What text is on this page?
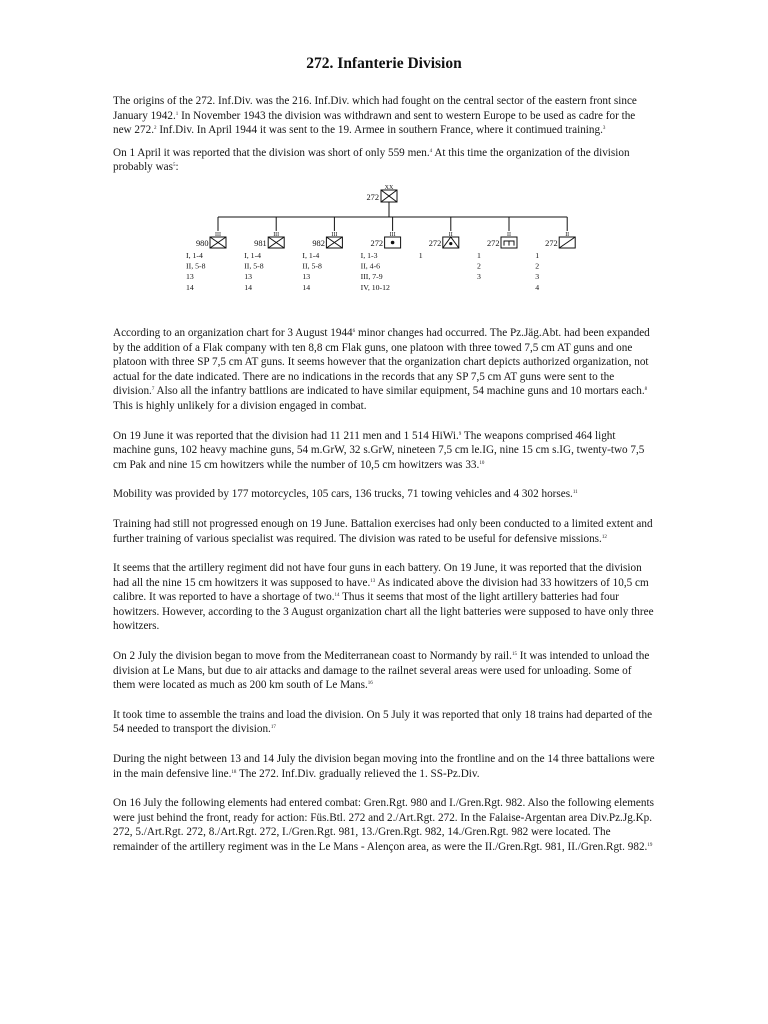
272. Infanterie Division

The origins of the 272. Inf.Div. was the 216. Inf.Div. which had fought on the central sector of the eastern front since January 1942.$^1$ In November 1943 the division was withdrawn and sent to western Europe to be used as cadre for the new 272.$^2$ Inf.Div. In April 1944 it was sent to the 19. Armee in southern France, where it contimued training.$^3$

On 1 April it was reported that the division was short of only 559 men.$^4$ At this time the organization of the division probably was$^5$:

XX
272
III
980
I, 1-4
II, 5-8
13
14
III
981
I, 1-4
II, 5-8
13
14
III
982
I, 1-4
II, 5-8
13
14
III
272
I, 1-3
II, 4-6
III, 7-9
IV, 10-12
II
272
1
II
272
1
2
3
II
272
1
2
3
4

According to an organization chart for 3 August 1944$^6$ minor changes had occurred. The Pz.Jäg.Abt. had been expanded by the addition of a Flak company with ten 8,8 cm Flak guns, one platoon with three towed 7,5 cm AT guns and one platoon with three SP 7,5 cm AT guns. It seems however that the organization chart depicts authorized organization, not actual for the date indicated. There are no indications in the records that any SP 7,5 cm AT guns were sent to the division.$^7$ Also all the infantry battlions are indicated to have similar equipment, 54 machine guns and 10 mortars each.$^8$ This is highly unlikely for a division engaged in combat.

On 19 June it was reported that the division had 11 211 men and 1 514 HiWi.$^9$ The weapons comprised 464 light machine guns, 102 heavy machine guns, 54 m.GrW, 32 s.GrW, nineteen 7,5 cm le.IG, nine 15 cm s.IG, twenty-two 7,5 cm Pak and nine 15 cm howitzers while the number of 10,5 cm howitzers was 33.10

Mobility was provided by 177 motorcycles, 105 cars, 136 trucks, 71 towing vehicles and 4 302 horses.$^{11}$

Training had still not progressed enough on 19 June. Battalion exercises had only been conducted to a limited extent and further training of various specialist was required. The division was rated to be useful for defensive missions.$^{12}$

It seems that the artillery regiment did not have four guns in each battery. On 19 June, it was reported that the division had all the nine 15 cm howitzers it was supposed to have.$^{13}$ As indicated above the division had 33 howitzers of 10,5 cm calibre. It was reported to have a shortage of two.$^{14}$ Thus it seems that most of the light artillery batteries had four howitzers. However, according to the 3 August organization chart all the light batteries were supposed to have only three howitzers.

On 2 July the division began to move from the Mediterranean coast to Normandy by rail.$^{15}$ It was intended to unload the division at Le Mans, but due to air attacks and damage to the railnet several areas were used for unloading. Some of them were located as much as 200 km south of Le Mans.$^{16}$

It took time to assemble the trains and load the division. On 5 July it was reported that only 18 trains had departed of the 54 needed to transport the division.$^{17}$

During the night between 13 and 14 July the division began moving into the frontline and on the 14 three battalions were in the main defensive line.$^{18}$ The 272. Inf.Div. gradually relieved the 1. SS-Pz.Div.

On 16 July the following elements had entered combat: Gren.Rgt. 980 and I./Gren.Rgt. 982. Also the following elements were just behind the front, ready for action: Füs.Btl. 272 and 2./Art.Rgt. 272. In the Falaise-Argentan area Div.Pz.Jg.Kp. 272, 5./Art.Rgt. 272, 8./Art.Rgt. 272, I./Gren.Rgt. 981, 13./Gren.Rgt. 982, 14./Gren.Rgt. 982 were located. The remainder of the artillery regiment was in the Le Mans - Alençon area, as were the II./Gren.Rgt. 981, II./Gren.Rgt. 982.19
